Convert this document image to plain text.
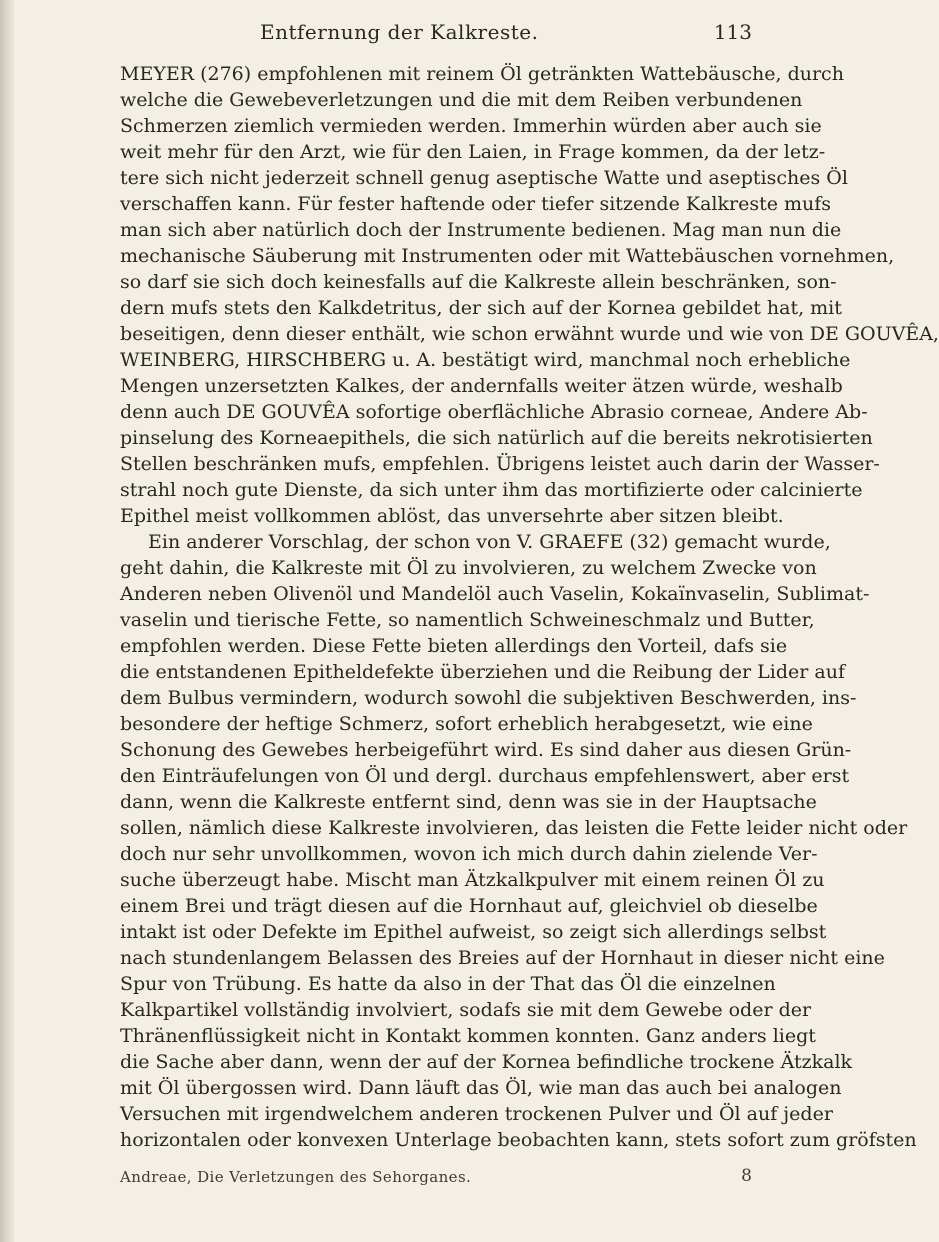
Entfernung der Kalkreste.	113
MEYER (276) empfohlenen mit reinem Öl getränkten Wattebäusche, durch
welche die Gewebeverletzungen und die mit dem Reiben verbundenen
Schmerzen ziemlich vermieden werden. Immerhin würden aber auch sie
weit mehr für den Arzt, wie für den Laien, in Frage kommen, da der letz-
tere sich nicht jederzeit schnell genug aseptische Watte und aseptisches Öl
verschaffen kann. Für fester haftende oder tiefer sitzende Kalkreste mufs
man sich aber natürlich doch der Instrumente bedienen. Mag man nun die
mechanische Säuberung mit Instrumenten oder mit Wattebäuschen vornehmen,
so darf sie sich doch keinesfalls auf die Kalkreste allein beschränken, son-
dern mufs stets den Kalkdetritus, der sich auf der Kornea gebildet hat, mit
beseitigen, denn dieser enthält, wie schon erwähnt wurde und wie von DE GOUVÊA,
WEINBERG, HIRSCHBERG u. A. bestätigt wird, manchmal noch erhebliche
Mengen unzersetzten Kalkes, der andernfalls weiter ätzen würde, weshalb
denn auch DE GOUVÊA sofortige oberflächliche Abrasio corneae, Andere Ab-
pinselung des Korneaepithels, die sich natürlich auf die bereits nekrotisierten
Stellen beschränken mufs, empfehlen. Übrigens leistet auch darin der Wasser-
strahl noch gute Dienste, da sich unter ihm das mortifizierte oder calcinierte
Epithel meist vollkommen ablöst, das unversehrte aber sitzen bleibt.
Ein anderer Vorschlag, der schon von V. GRAEFE (32) gemacht wurde,
geht dahin, die Kalkreste mit Öl zu involvieren, zu welchem Zwecke von
Anderen neben Olivenöl und Mandelöl auch Vaselin, Kokaïnvaselin, Sublimat-
vaselin und tierische Fette, so namentlich Schweineschmalz und Butter,
empfohlen werden. Diese Fette bieten allerdings den Vorteil, dafs sie
die entstandenen Epitheldefekte überziehen und die Reibung der Lider auf
dem Bulbus vermindern, wodurch sowohl die subjektiven Beschwerden, ins-
besondere der heftige Schmerz, sofort erheblich herabgesetzt, wie eine
Schonung des Gewebes herbeigeführt wird. Es sind daher aus diesen Grün-
den Einträufelungen von Öl und dergl. durchaus empfehlenswert, aber erst
dann, wenn die Kalkreste entfernt sind, denn was sie in der Hauptsache
sollen, nämlich diese Kalkreste involvieren, das leisten die Fette leider nicht oder
doch nur sehr unvollkommen, wovon ich mich durch dahin zielende Ver-
suche überzeugt habe. Mischt man Ätzkalkpulver mit einem reinen Öl zu
einem Brei und trägt diesen auf die Hornhaut auf, gleichviel ob dieselbe
intakt ist oder Defekte im Epithel aufweist, so zeigt sich allerdings selbst
nach stundenlangem Belassen des Breies auf der Hornhaut in dieser nicht eine
Spur von Trübung. Es hatte da also in der That das Öl die einzelnen
Kalkpartikel vollständig involviert, sodafs sie mit dem Gewebe oder der
Thränenflüssigkeit nicht in Kontakt kommen konnten. Ganz anders liegt
die Sache aber dann, wenn der auf der Kornea befindliche trockene Ätzkalk
mit Öl übergossen wird. Dann läuft das Öl, wie man das auch bei analogen
Versuchen mit irgendwelchem anderen trockenen Pulver und Öl auf jeder
horizontalen oder konvexen Unterlage beobachten kann, stets sofort zum gröfsten
Andreae, Die Verletzungen des Sehorganes.	8
